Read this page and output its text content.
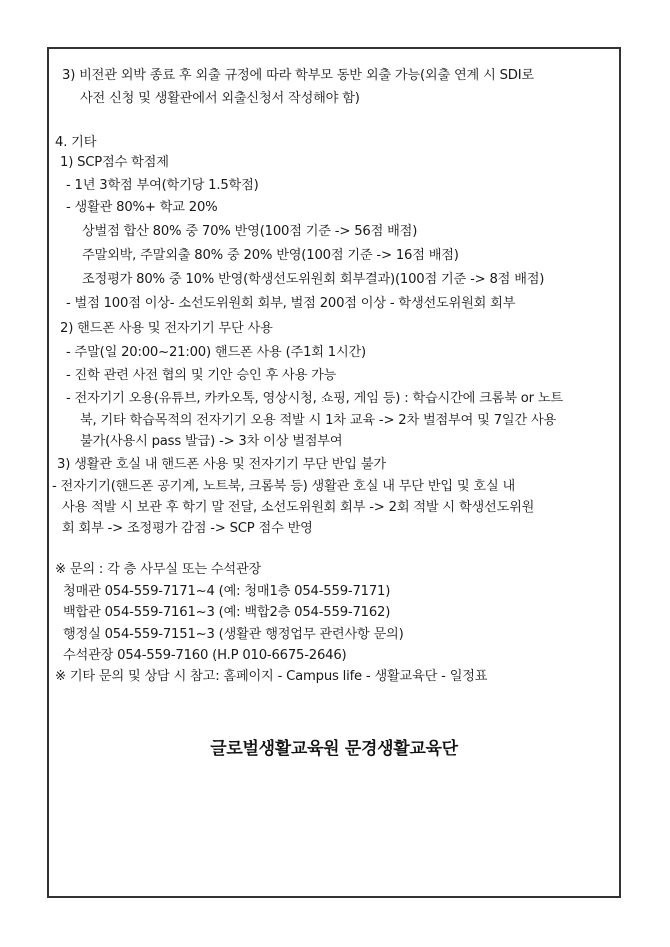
3) 비전관 외박 종료 후 외출 규정에 따라 학부모 동반 외출 가능(외출 연계 시 SDI로
사전 신청 및 생활관에서 외출신청서 작성해야 함)
4. 기타
1) SCP점수 학점제
- 1년 3학점 부여(학기당 1.5학점)
- 생활관 80%+ 학교 20%
상벌점 합산 80% 중 70% 반영(100점 기준 -> 56점 배점)
주말외박, 주말외출 80% 중 20% 반영(100점 기준 -> 16점 배점)
조정평가 80% 중 10% 반영(학생선도위원회 회부결과)(100점 기준 -> 8점 배점)
- 벌점 100점 이상- 소선도위원회 회부, 벌점 200점 이상 - 학생선도위원회 회부
2) 핸드폰 사용 및 전자기기 무단 사용
- 주말(일 20:00~21:00) 핸드폰 사용 (주1회 1시간)
- 진학 관련 사전 협의 및 기안 승인 후 사용 가능
- 전자기기 오용(유튜브, 카카오톡, 영상시청, 쇼핑, 게임 등) : 학습시간에 크롬북 or 노트
북, 기타 학습목적의 전자기기 오용 적발 시 1차 교육 -> 2차 벌점부여 및 7일간 사용
불가(사용시 pass 발급) -> 3차 이상 벌점부여
3) 생활관 호실 내 핸드폰 사용 및 전자기기 무단 반입 불가
- 전자기기(핸드폰 공기계, 노트북, 크롬북 등) 생활관 호실 내 무단 반입 및 호실 내
사용 적발 시 보관 후 학기 말 전달, 소선도위원회 회부 -> 2회 적발 시 학생선도위원
회 회부 -> 조정평가 감점 -> SCP 점수 반영
※ 문의 : 각 층 사무실 또는 수석관장
청매관 054-559-7171~4 (예: 청매1층 054-559-7171)
백합관 054-559-7161~3 (예: 백합2층 054-559-7162)
행정실 054-559-7151~3 (생활관 행정업무 관련사항 문의)
수석관장 054-559-7160 (H.P 010-6675-2646)
※ 기타 문의 및 상담 시 참고: 홈페이지 - Campus life - 생활교육단 - 일정표
글로벌생활교육원 문경생활교육단
